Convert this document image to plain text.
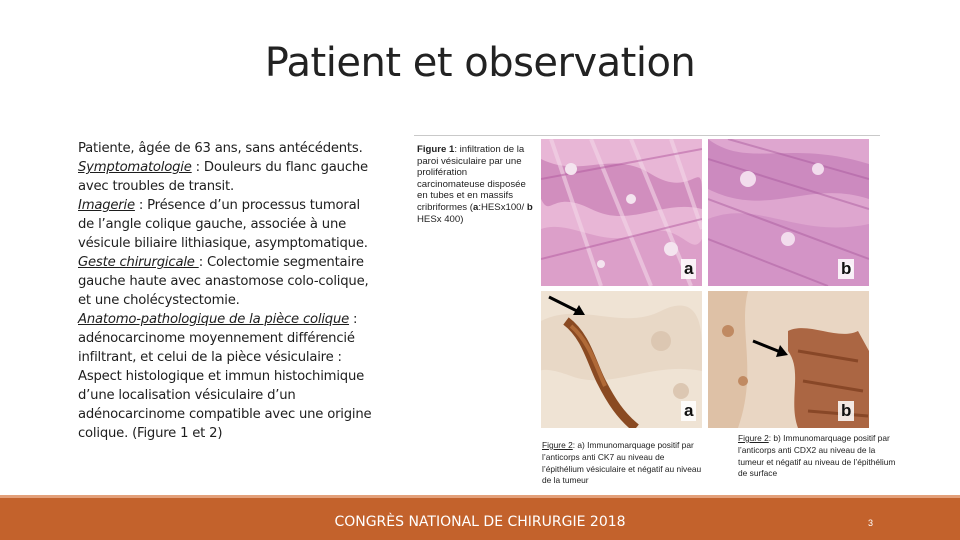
Patient et observation

Patiente, âgée de 63 ans, sans antécédents.
Symptomatologie : Douleurs du flanc gauche avec troubles de transit.
Imagerie : Présence d’un processus tumoral de l’angle colique gauche, associée à une vésicule biliaire lithiasique, asymptomatique.
Geste chirurgicale : Colectomie segmentaire gauche haute avec anastomose colo-colique, et une cholécystectomie.
Anatomo-pathologique de la pièce colique : adénocarcinome moyennement différencié infiltrant, et celui de la pièce vésiculaire : Aspect histologique et immun histochimique d’une localisation vésiculaire d’un adénocarcinome compatible avec une origine colique. (Figure 1 et 2)

Figure 1: infiltration de la paroi vésiculaire par une prolifération carcinomateuse disposée en tubes et en massifs cribriformes (a:HESx100/ b HESx 400)
a	b
a	b
Figure 2: a) Immunomarquage positif par l’anticorps anti CK7 au niveau de l’épithélium vésiculaire et négatif au niveau de la tumeur
Figure 2: b) Immunomarquage positif par l’anticorps anti CDX2 au niveau de la tumeur et négatif au niveau de l’épithélium de surface
CONGRÈS NATIONAL DE CHIRURGIE 2018	3
